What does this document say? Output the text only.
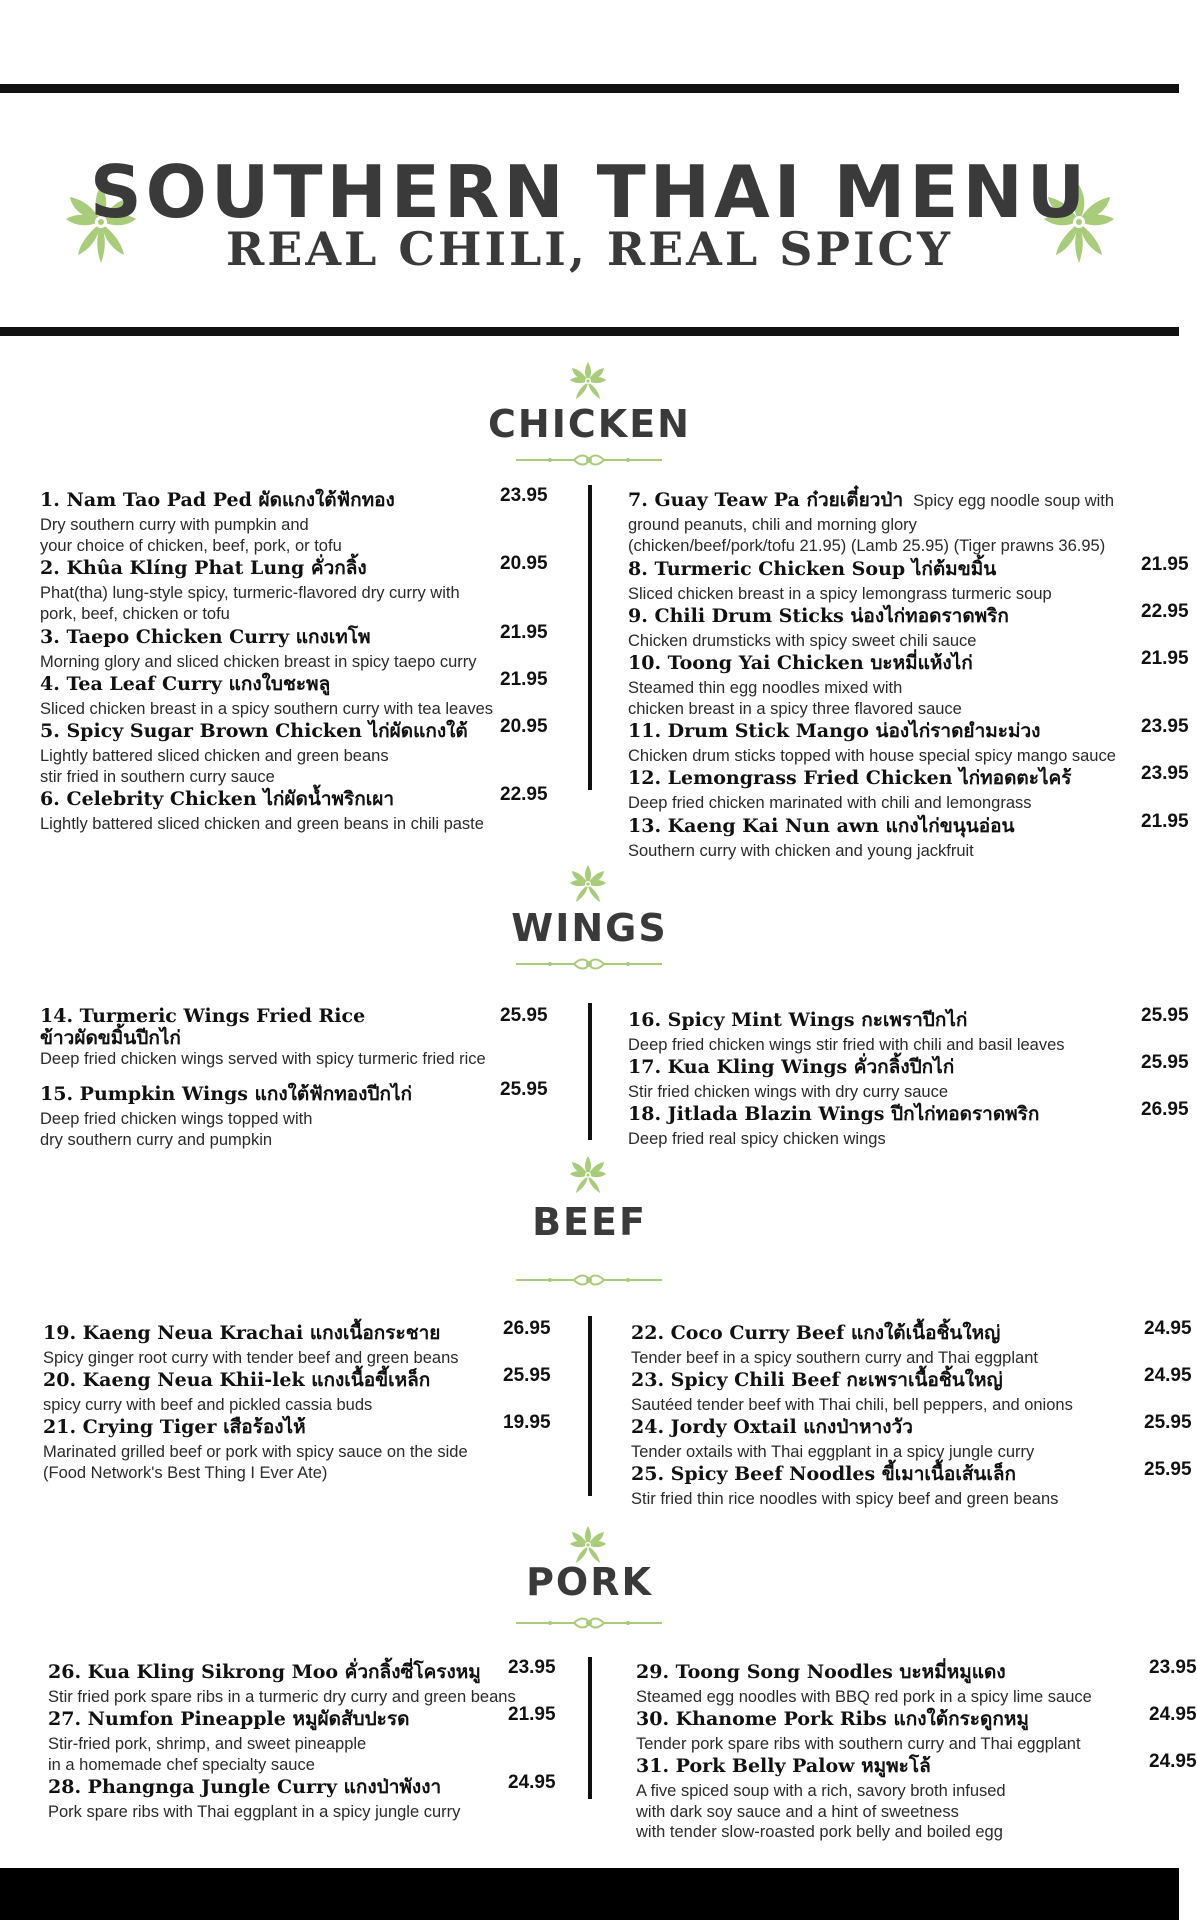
SOUTHERN THAI MENU
REAL CHILI, REAL SPICY
CHICKEN
1. Nam Tao Pad Ped ผัดแกงใต้ฟักทอง	23.95
Dry southern curry with pumpkin and
your choice of chicken, beef, pork, or tofu
2. Khûa Klíng Phat Lung คั่วกลิ้ง	20.95
Phat(tha) lung-style spicy, turmeric-flavored dry curry with
pork, beef, chicken or tofu
3. Taepo Chicken Curry แกงเทโพ	21.95
Morning glory and sliced chicken breast in spicy taepo curry
4. Tea Leaf Curry แกงใบชะพลู	21.95
Sliced chicken breast in a spicy southern curry with tea leaves
5. Spicy Sugar Brown Chicken ไก่ผัดแกงใต้ 20.95
Lightly battered sliced chicken and green beans
stir fried in southern curry sauce
6. Celebrity Chicken ไก่ผัดน้ำพริกเผา	22.95
Lightly battered sliced chicken and green beans in chili paste
7. Guay Teaw Pa ก๋วยเตี๋ยวป่า Spicy egg noodle soup with
ground peanuts, chili and morning glory
(chicken/beef/pork/tofu 21.95) (Lamb 25.95) (Tiger prawns 36.95)
8. Turmeric Chicken Soup ไก่ต้มขมิ้น	21.95
Sliced chicken breast in a spicy lemongrass turmeric soup
9. Chili Drum Sticks น่องไก่ทอดราดพริก	22.95
Chicken drumsticks with spicy sweet chili sauce
10. Toong Yai Chicken บะหมี่แห้งไก่	21.95
Steamed thin egg noodles mixed with
chicken breast in a spicy three flavored sauce
11. Drum Stick Mango น่องไก่ราดยำมะม่วง	23.95
Chicken drum sticks topped with house special spicy mango sauce
12. Lemongrass Fried Chicken ไก่ทอดตะไคร้	23.95
Deep fried chicken marinated with chili and lemongrass
13. Kaeng Kai Nun awn แกงไก่ขนุนอ่อน	21.95
Southern curry with chicken and young jackfruit
WINGS
14. Turmeric Wings Fried Rice	25.95
ข้าวผัดขมิ้นปีกไก่
Deep fried chicken wings served with spicy turmeric fried rice
15. Pumpkin Wings แกงใต้ฟักทองปีกไก่	25.95
Deep fried chicken wings topped with
dry southern curry and pumpkin
16. Spicy Mint Wings กะเพราปีกไก่	25.95
Deep fried chicken wings stir fried with chili and basil leaves
17. Kua Kling Wings คั่วกลิ้งปีกไก่	25.95
Stir fried chicken wings with dry curry sauce
18. Jitlada Blazin Wings ปีกไก่ทอดราดพริก	26.95
Deep fried real spicy chicken wings
BEEF
19. Kaeng Neua Krachai แกงเนื้อกระชาย	26.95
Spicy ginger root curry with tender beef and green beans
20. Kaeng Neua Khii-lek แกงเนื้อขี้เหล็ก	25.95
spicy curry with beef and pickled cassia buds
21. Crying Tiger เสือร้องไห้	19.95
Marinated grilled beef or pork with spicy sauce on the side
(Food Network's Best Thing I Ever Ate)
22. Coco Curry Beef แกงใต้เนื้อชิ้นใหญ่	24.95
Tender beef in a spicy southern curry and Thai eggplant
23. Spicy Chili Beef กะเพราเนื้อชิ้นใหญ่	24.95
Sautéed tender beef with Thai chili, bell peppers, and onions
24. Jordy Oxtail แกงป่าหางวัว	25.95
Tender oxtails with Thai eggplant in a spicy jungle curry
25. Spicy Beef Noodles ขี้เมาเนื้อเส้นเล็ก	25.95
Stir fried thin rice noodles with spicy beef and green beans
PORK
26. Kua Kling Sikrong Moo คั่วกลิ้งซี่โครงหมู	23.95
Stir fried pork spare ribs in a turmeric dry curry and green beans
27. Numfon Pineapple หมูผัดสับปะรด	21.95
Stir-fried pork, shrimp, and sweet pineapple
in a homemade chef specialty sauce
28. Phangnga Jungle Curry แกงป่าพังงา	24.95
Pork spare ribs with Thai eggplant in a spicy jungle curry
29. Toong Song Noodles บะหมี่หมูแดง	23.95
Steamed egg noodles with BBQ red pork in a spicy lime sauce
30. Khanome Pork Ribs แกงใต้กระดูกหมู	24.95
Tender pork spare ribs with southern curry and Thai eggplant
31. Pork Belly Palow หมูพะโล้	24.95
A five spiced soup with a rich, savory broth infused
with dark soy sauce and a hint of sweetness
with tender slow-roasted pork belly and boiled egg
